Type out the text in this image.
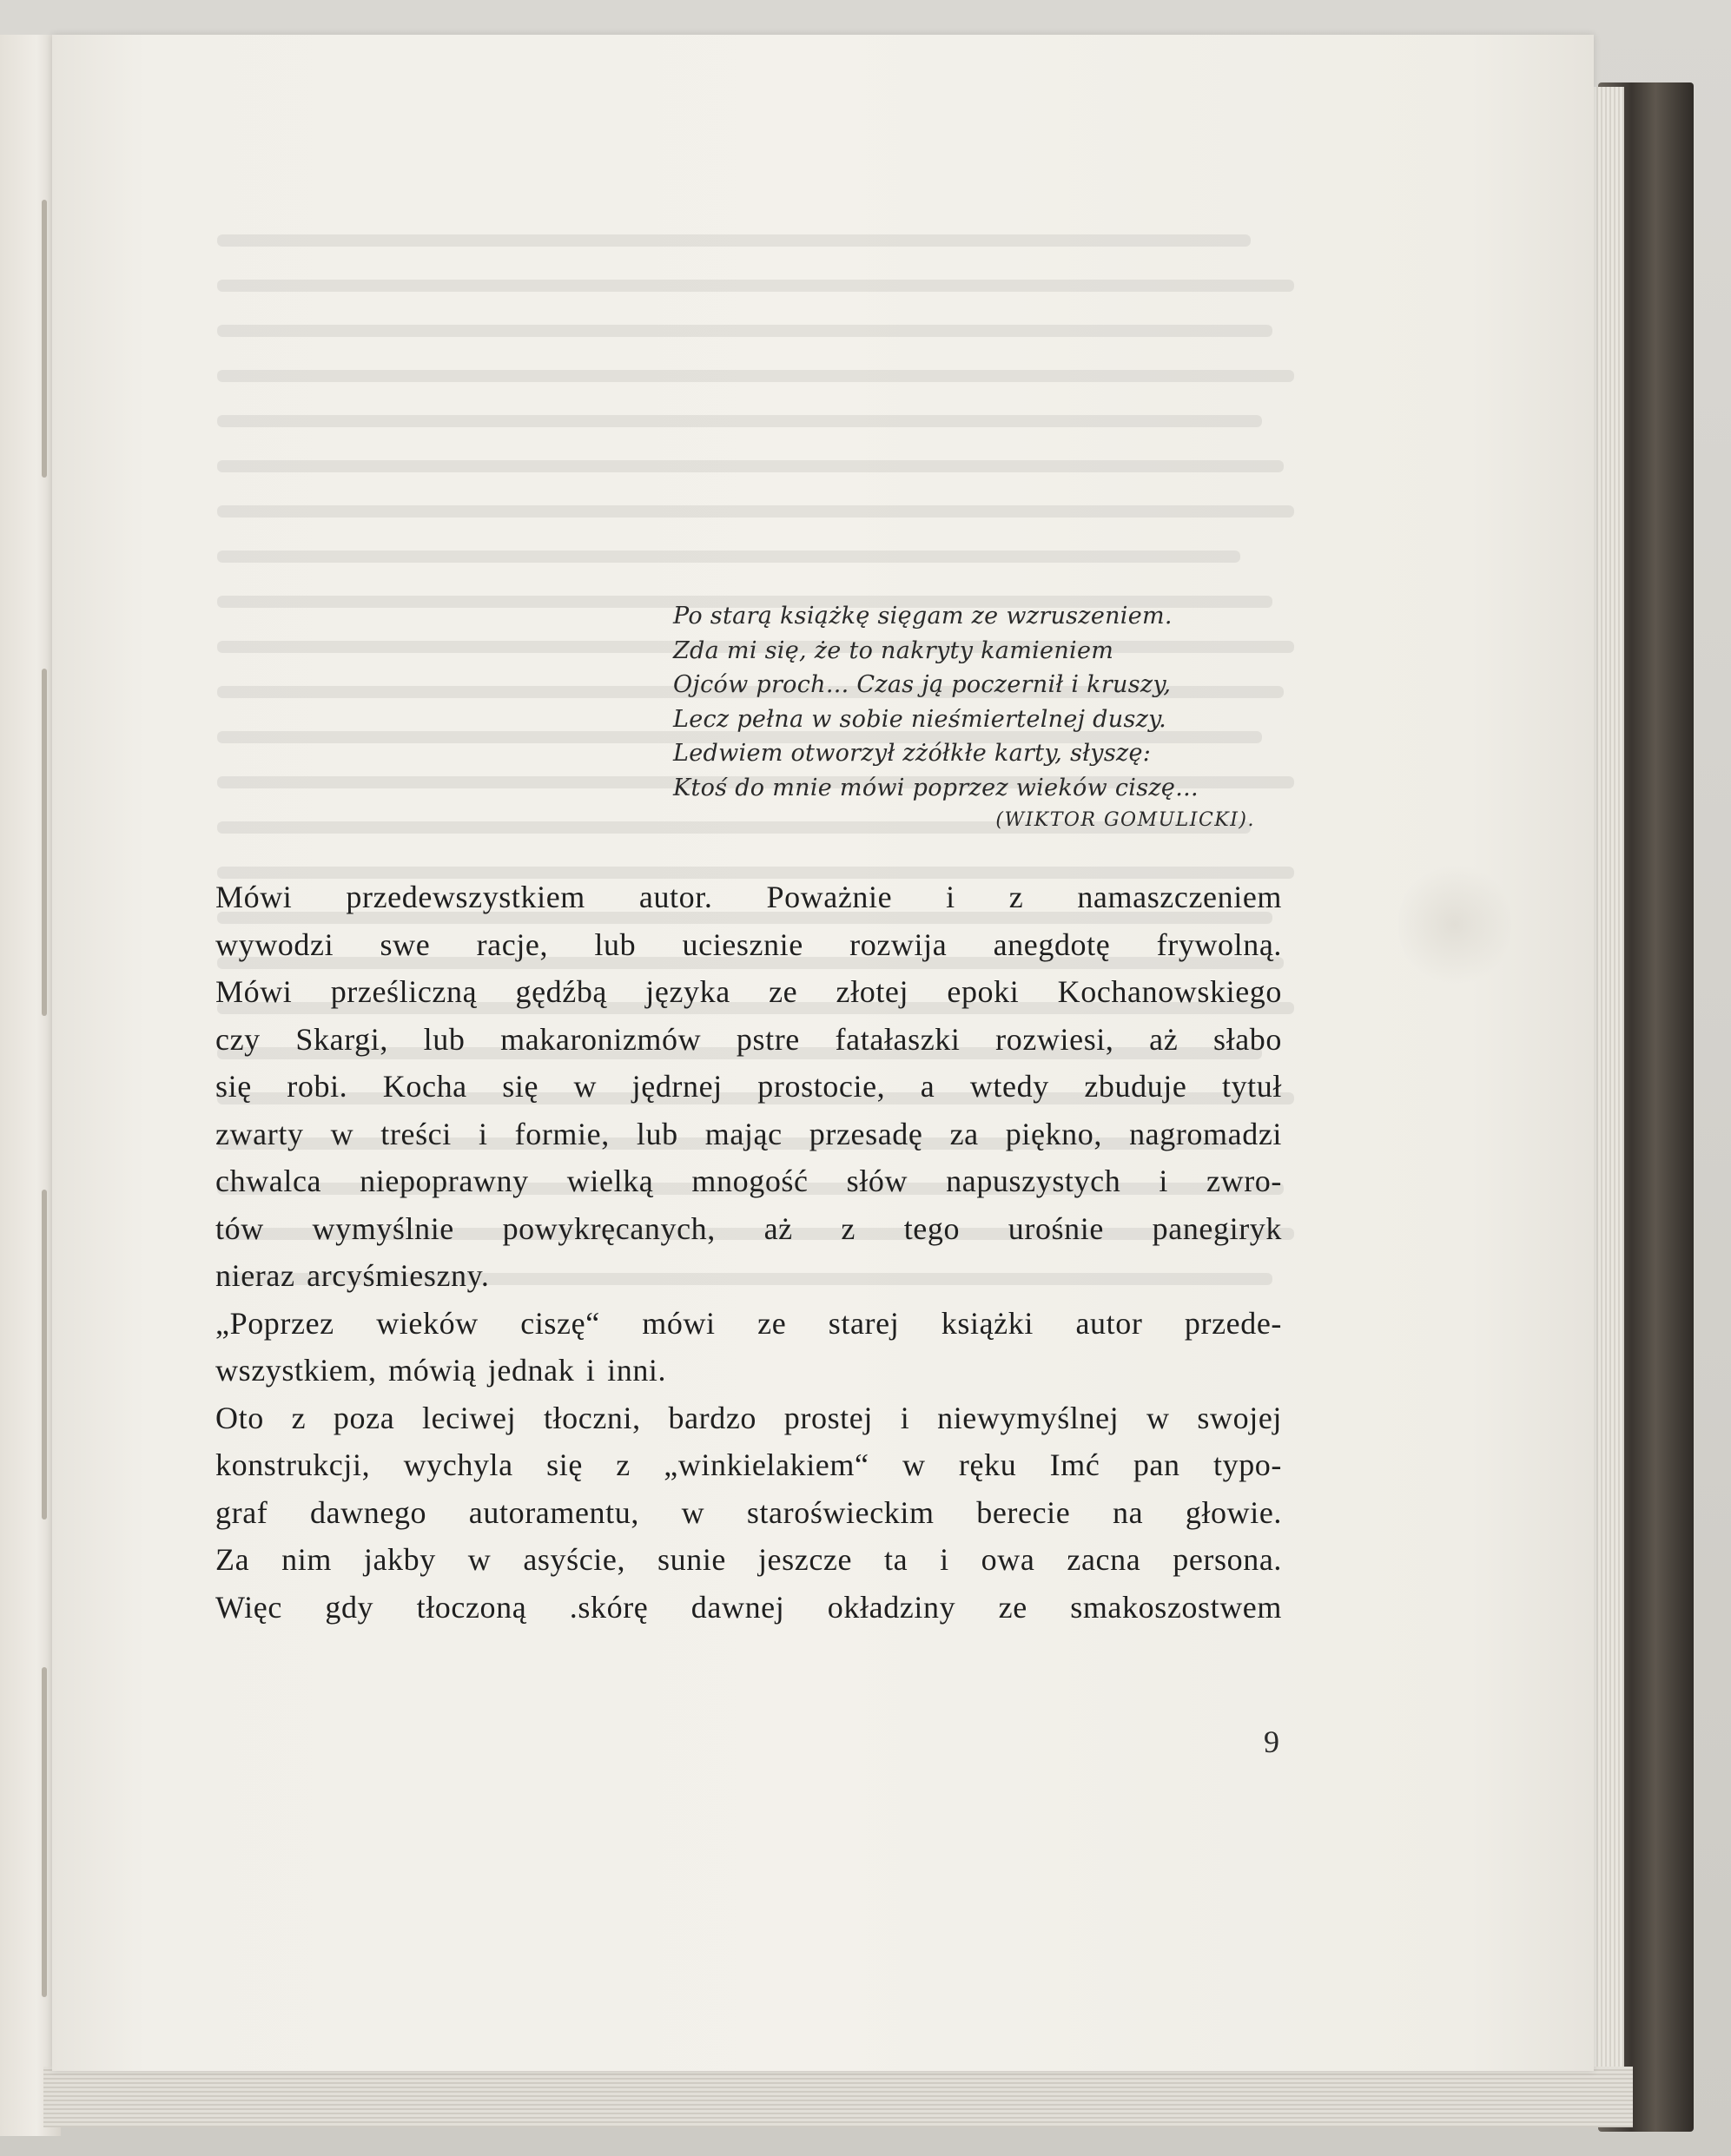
Po starą książkę sięgam ze wzruszeniem.
Zda mi się, że to nakryty kamieniem
Ojców proch... Czas ją poczernił i kruszy,
Lecz pełna w sobie nieśmiertelnej duszy.
Ledwiem otworzył zżółkłe karty, słyszę:
Ktoś do mnie mówi poprzez wieków ciszę...
(WIKTOR GOMULICKI).
Mówi przedewszystkiem autor. Poważnie i z namaszczeniem
wywodzi swe racje, lub uciesznie rozwija anegdotę frywolną.
Mówi prześliczną gędźbą języka ze złotej epoki Kochanowskiego
czy Skargi, lub makaronizmów pstre fatałaszki rozwiesi, aż słabo
się robi. Kocha się w jędrnej prostocie, a wtedy zbuduje tytuł
zwarty w treści i formie, lub mając przesadę za piękno, nagromadzi
chwalca niepoprawny wielką mnogość słów napuszystych i zwro-
tów wymyślnie powykręcanych, aż z tego urośnie panegiryk
nieraz arcyśmieszny.
„Poprzez wieków ciszę“ mówi ze starej książki autor przede-
wszystkiem, mówią jednak i inni.
Oto z poza leciwej tłoczni, bardzo prostej i niewymyślnej w swojej
konstrukcji, wychyla się z „winkielakiem“ w ręku Imć pan typo-
graf dawnego autoramentu, w staroświeckim berecie na głowie.
Za nim jakby w asyście, sunie jeszcze ta i owa zacna persona.
Więc gdy tłoczoną .skórę dawnej okładziny ze smakoszostwem
9
